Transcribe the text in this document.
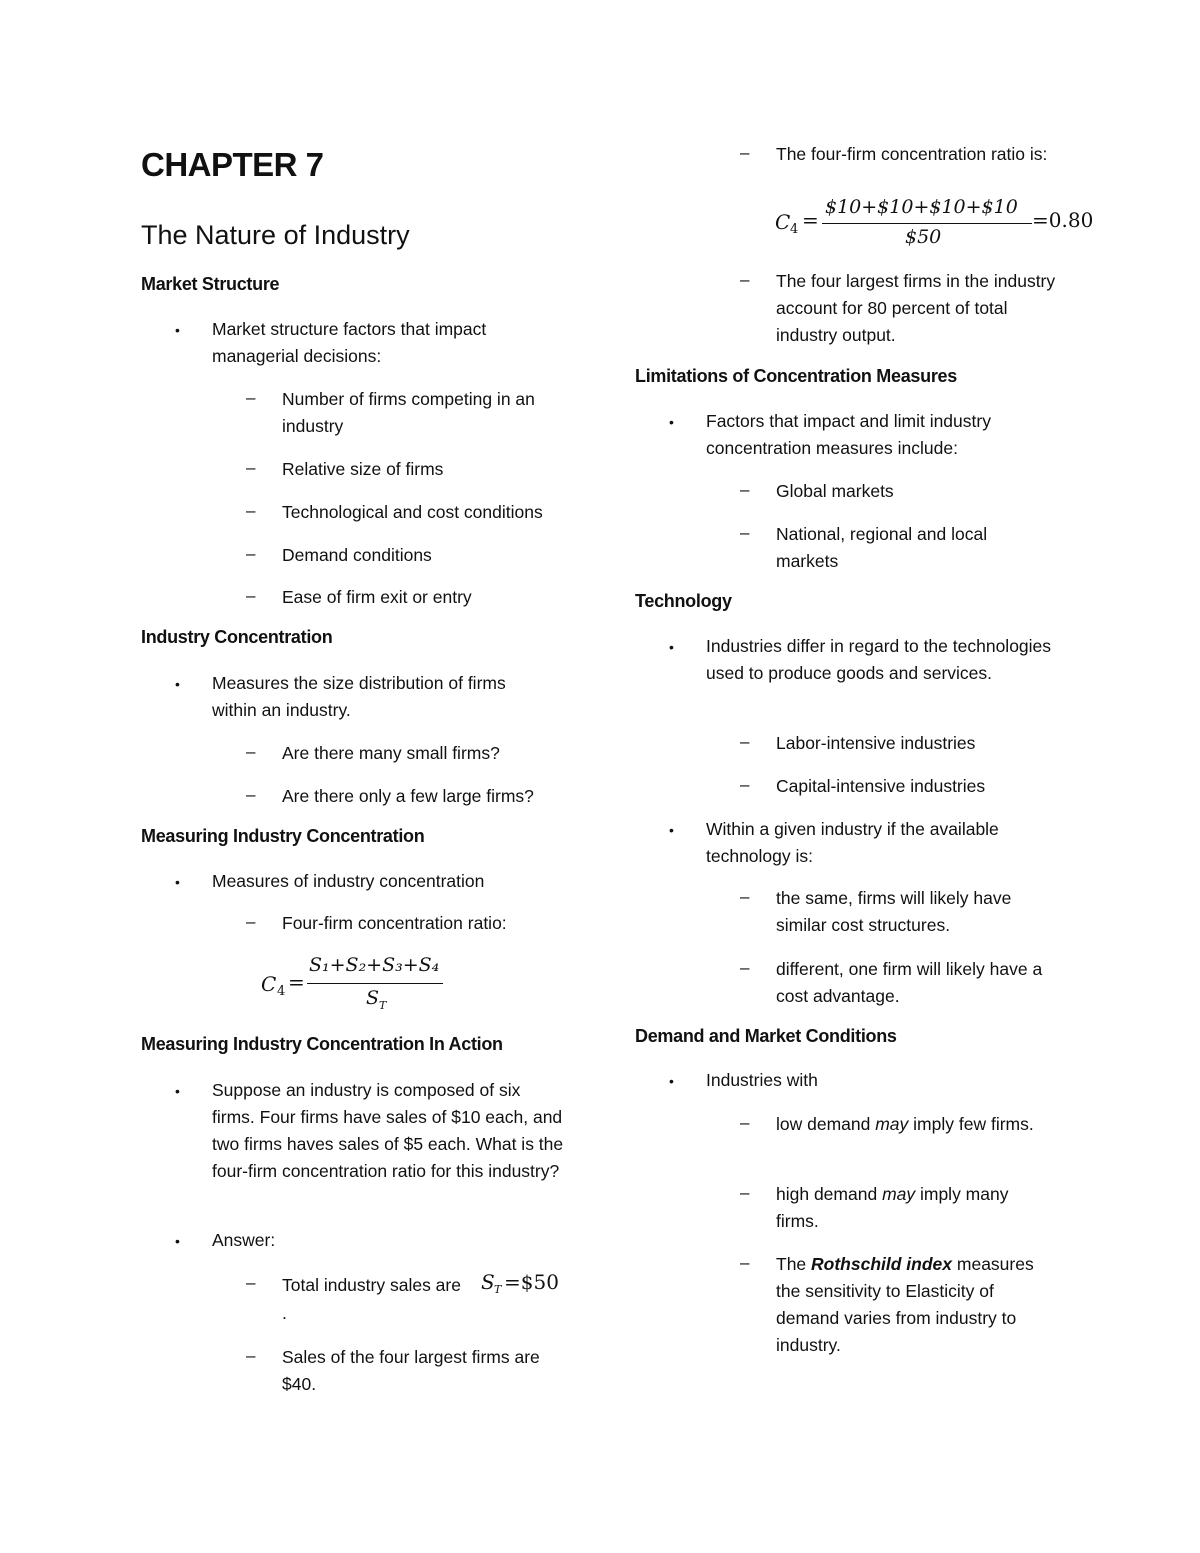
CHAPTER 7
The Nature of Industry
Market Structure
• Market structure factors that impact managerial decisions:
– Number of firms competing in an industry
– Relative size of firms
– Technological and cost conditions
– Demand conditions
– Ease of firm exit or entry
Industry Concentration
• Measures the size distribution of firms within an industry.
– Are there many small firms?
– Are there only a few large firms?
Measuring Industry Concentration
• Measures of industry concentration
– Four-firm concentration ratio:
C 4 =
S₁+S₂+S₃+S₄
S T
Measuring Industry Concentration In Action
• Suppose an industry is composed of six firms. Four firms have sales of $10 each, and two firms haves sales of $5 each. What is the four-firm concentration ratio for this industry?
• Answer:
– Total industry sales are S T =$50
.
– Sales of the four largest firms are $40.
– The four-firm concentration ratio is:
C 4 =
$10+$10+$10+$10
$50
=0.80
– The four largest firms in the industry account for 80 percent of total industry output.
Limitations of Concentration Measures
• Factors that impact and limit industry concentration measures include:
– Global markets
– National, regional and local markets
Technology
• Industries differ in regard to the technologies used to produce goods and services.
– Labor-intensive industries
– Capital-intensive industries
• Within a given industry if the available technology is:
– the same, firms will likely have similar cost structures.
– different, one firm will likely have a cost advantage.
Demand and Market Conditions
• Industries with
– low demand may imply few firms.
– high demand may imply many firms.
– The Rothschild index measures the sensitivity to Elasticity of demand varies from industry to industry.
